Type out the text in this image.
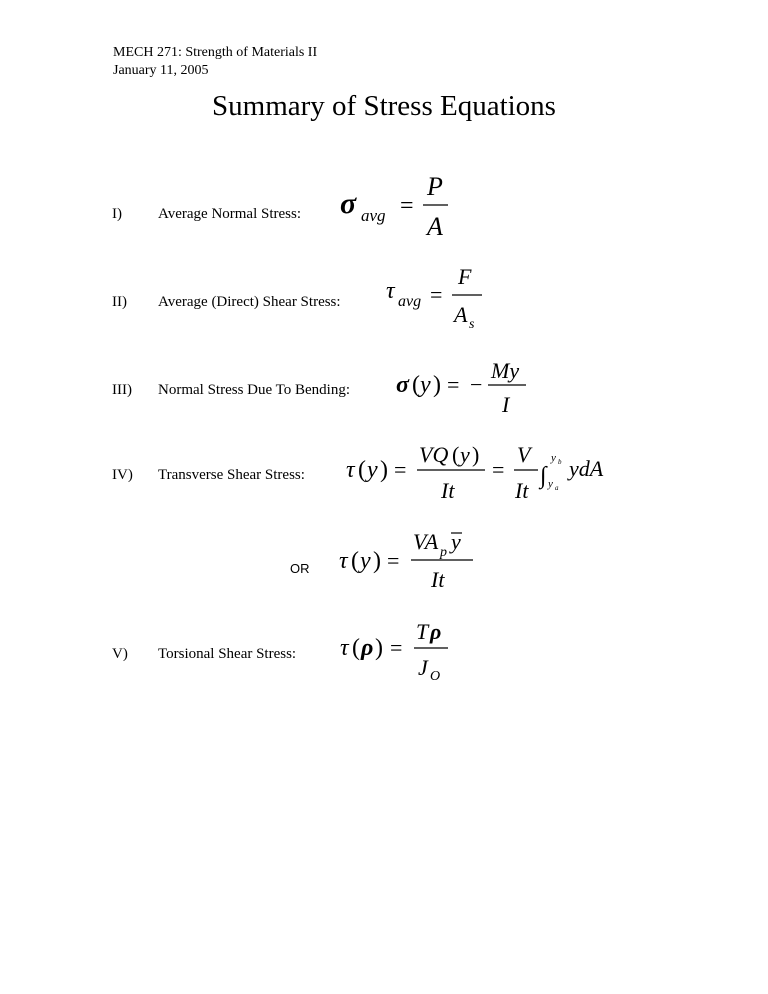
MECH 271: Strength of Materials II
January 11, 2005
Summary of Stress Equations
I) Average Normal Stress: σ avg =
P
A
II) Average (Direct) Shear Stress: τ avg =
F
A s
III) Normal Stress Due To Bending: σ ( y ) = −
My
I
IV) Transverse Shear Stress: τ ( y ) =
VQ ( y )
It
=
V
It
∫
y b
y a
ydA
OR τ ( y ) =
VA p y
It
V) Torsional Shear Stress: τ ( ρ ) =
T ρ
J O
